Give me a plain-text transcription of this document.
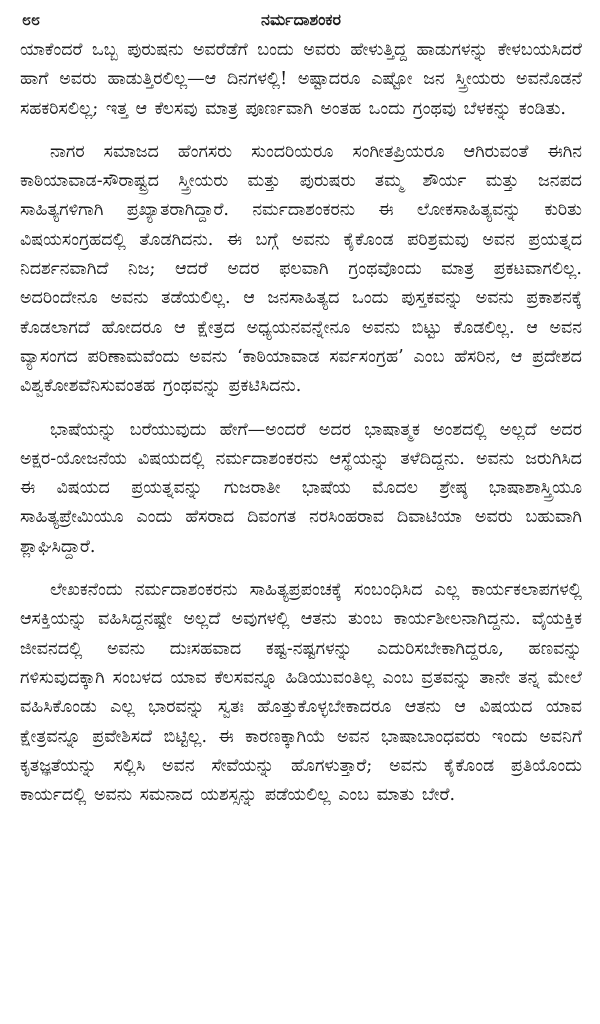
೮೮	ನರ್ಮದಾಶಂಕರ

ಯಾಕೆಂದರೆ ಒಬ್ಬ ಪುರುಷನು ಅವರೆಡೆಗೆ ಬಂದು ಅವರು ಹೇಳುತ್ತಿದ್ದ ಹಾಡುಗಳನ್ನು ಕೇಳಬಯಸಿದರೆ ಹಾಗೆ ಅವರು ಹಾಡುತ್ತಿರಲಿಲ್ಲ—ಆ ದಿನಗಳಲ್ಲಿ! ಅಷ್ಟಾದರೂ ಎಷ್ಟೋ ಜನ ಸ್ತ್ರೀಯರು ಅವನೊಡನೆ ಸಹಕರಿಸಲಿಲ್ಲ; ಇತ್ತ ಆ ಕೆಲಸವು ಮಾತ್ರ ಪೂರ್ಣವಾಗಿ ಅಂತಹ ಒಂದು ಗ್ರಂಥವು ಬೆಳಕನ್ನು ಕಂಡಿತು.

ನಾಗರ ಸಮಾಜದ ಹೆಂಗಸರು ಸುಂದರಿಯರೂ ಸಂಗೀತಪ್ರಿಯರೂ ಆಗಿರುವಂತೆ ಈಗಿನ ಕಾಠಿಯಾವಾಡ-ಸೌರಾಷ್ಟ್ರದ ಸ್ತ್ರೀಯರು ಮತ್ತು ಪುರುಷರು ತಮ್ಮ ಶೌರ್ಯ ಮತ್ತು ಜನಪದ ಸಾಹಿತ್ಯಗಳಿಗಾಗಿ ಪ್ರಖ್ಯಾತರಾಗಿದ್ದಾರೆ. ನರ್ಮದಾಶಂಕರನು ಈ ಲೋಕಸಾಹಿತ್ಯವನ್ನು ಕುರಿತು ವಿಷಯಸಂಗ್ರಹದಲ್ಲಿ ತೊಡಗಿದನು. ಈ ಬಗ್ಗೆ ಅವನು ಕೈಕೊಂಡ ಪರಿಶ್ರಮವು ಅವನ ಪ್ರಯತ್ನದ ನಿದರ್ಶನವಾಗಿದೆ ನಿಜ; ಆದರೆ ಅದರ ಫಲವಾಗಿ ಗ್ರಂಥವೊಂದು ಮಾತ್ರ ಪ್ರಕಟವಾಗಲಿಲ್ಲ. ಅದರಿಂದೇನೂ ಅವನು ತಡೆಯಲಿಲ್ಲ. ಆ ಜನಸಾಹಿತ್ಯದ ಒಂದು ಪುಸ್ತಕವನ್ನು ಅವನು ಪ್ರಕಾಶನಕ್ಕೆ ಕೊಡಲಾಗದೆ ಹೋದರೂ ಆ ಕ್ಷೇತ್ರದ ಅಧ್ಯಯನವನ್ನೇನೂ ಅವನು ಬಿಟ್ಟು ಕೊಡಲಿಲ್ಲ. ಆ ಅವನ ವ್ಯಾಸಂಗದ ಪರಿಣಾಮವೆಂದು ಅವನು ‘ಕಾಠಿಯಾವಾಡ ಸರ್ವಸಂಗ್ರಹ’ ಎಂಬ ಹೆಸರಿನ, ಆ ಪ್ರದೇಶದ ವಿಶ್ವಕೋಶವೆನಿಸುವಂತಹ ಗ್ರಂಥವನ್ನು ಪ್ರಕಟಿಸಿದನು.

ಭಾಷೆಯನ್ನು ಬರೆಯುವುದು ಹೇಗೆ—ಅಂದರೆ ಅದರ ಭಾಷಾತ್ಮಕ ಅಂಶದಲ್ಲಿ ಅಲ್ಲದೆ ಅದರ ಅಕ್ಷರ-ಯೋಜನೆಯ ವಿಷಯದಲ್ಲಿ ನರ್ಮದಾಶಂಕರನು ಆಸ್ಥೆಯನ್ನು ತಳೆದಿದ್ದನು. ಅವನು ಜರುಗಿಸಿದ ಈ ವಿಷಯದ ಪ್ರಯತ್ನವನ್ನು ಗುಜರಾತೀ ಭಾಷೆಯ ಮೊದಲ ಶ್ರೇಷ್ಠ ಭಾಷಾಶಾಸ್ತ್ರಿಯೂ ಸಾಹಿತ್ಯಪ್ರೇಮಿಯೂ ಎಂದು ಹೆಸರಾದ ದಿವಂಗತ ನರಸಿಂಹರಾವ ದಿವಾಟಿಯಾ ಅವರು ಬಹುವಾಗಿ ಶ್ಲಾಘಿಸಿದ್ದಾರೆ.

ಲೇಖಕನೆಂದು ನರ್ಮದಾಶಂಕರನು ಸಾಹಿತ್ಯಪ್ರಪಂಚಕ್ಕೆ ಸಂಬಂಧಿಸಿದ ಎಲ್ಲ ಕಾರ್ಯಕಲಾಪಗಳಲ್ಲಿ ಆಸಕ್ತಿಯನ್ನು ವಹಿಸಿದ್ದನಷ್ಟೇ ಅಲ್ಲದೆ ಅವುಗಳಲ್ಲಿ ಆತನು ತುಂಬ ಕಾರ್ಯಶೀಲನಾಗಿದ್ದನು. ವೈಯಕ್ತಿಕ ಜೀವನದಲ್ಲಿ ಅವನು ದುಃಸಹವಾದ ಕಷ್ಟ-ನಷ್ಟಗಳನ್ನು ಎದುರಿಸಬೇಕಾಗಿದ್ದರೂ, ಹಣವನ್ನು ಗಳಿಸುವುದಕ್ಕಾಗಿ ಸಂಬಳದ ಯಾವ ಕೆಲಸವನ್ನೂ ಹಿಡಿಯುವಂತಿಲ್ಲ ಎಂಬ ವ್ರತವನ್ನು ತಾನೇ ತನ್ನ ಮೇಲೆ ವಹಿಸಿಕೊಂಡು ಎಲ್ಲ ಭಾರವನ್ನು ಸ್ವತಃ ಹೊತ್ತುಕೊಳ್ಳಬೇಕಾದರೂ ಆತನು ಆ ವಿಷಯದ ಯಾವ ಕ್ಷೇತ್ರವನ್ನೂ ಪ್ರವೇಶಿಸದೆ ಬಿಟ್ಟಿಲ್ಲ. ಈ ಕಾರಣಕ್ಕಾಗಿಯೆ ಅವನ ಭಾಷಾಬಾಂಧವರು ಇಂದು ಅವನಿಗೆ ಕೃತಜ್ಞತೆಯನ್ನು ಸಲ್ಲಿಸಿ ಅವನ ಸೇವೆಯನ್ನು ಹೊಗಳುತ್ತಾರೆ; ಅವನು ಕೈಕೊಂಡ ಪ್ರತಿಯೊಂದು ಕಾರ್ಯದಲ್ಲಿ ಅವನು ಸಮನಾದ ಯಶಸ್ಸನ್ನು ಪಡೆಯಲಿಲ್ಲ ಎಂಬ ಮಾತು ಬೇರೆ.
